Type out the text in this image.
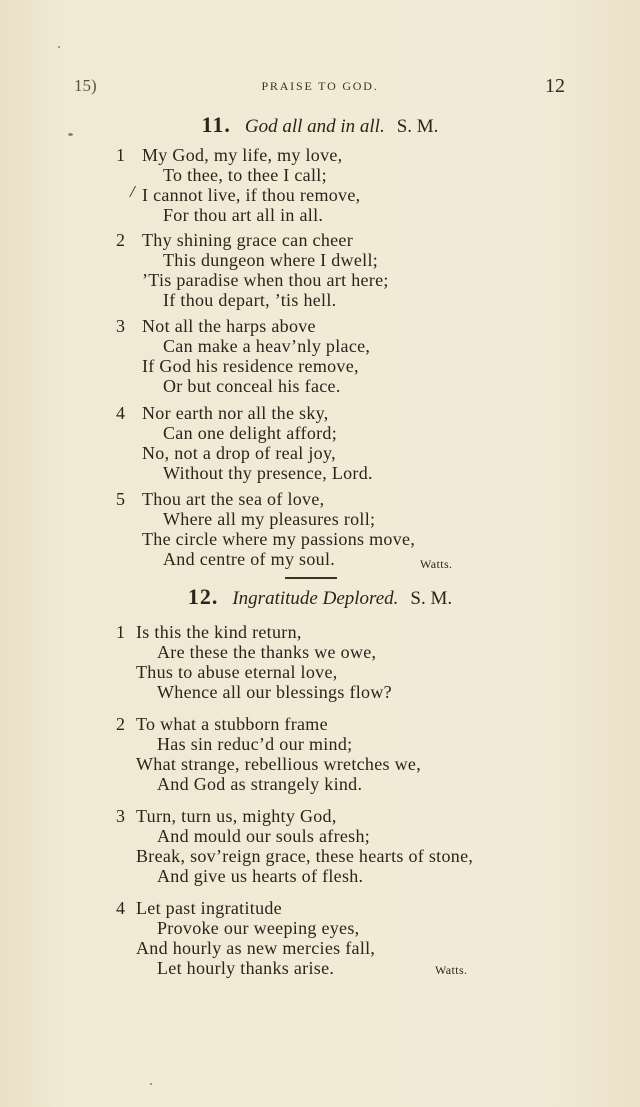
15)	PRAISE TO GOD.	12
11. God all and in all. S. M.
/
1 My God, my life, my love,
To thee, to thee I call;
I cannot live, if thou remove,
For thou art all in all.
2 Thy shining grace can cheer
This dungeon where I dwell;
’Tis paradise when thou art here;
If thou depart, ’tis hell.
3 Not all the harps above
Can make a heav’nly place,
If God his residence remove,
Or but conceal his face.
4 Nor earth nor all the sky,
Can one delight afford;
No, not a drop of real joy,
Without thy presence, Lord.
5 Thou art the sea of love,
Where all my pleasures roll;
The circle where my passions move,
And centre of my soul.	Watts.
12. Ingratitude Deplored. S. M.
1 Is this the kind return,
Are these the thanks we owe,
Thus to abuse eternal love,
Whence all our blessings flow?
2 To what a stubborn frame
Has sin reduc’d our mind;
What strange, rebellious wretches we,
And God as strangely kind.
3 Turn, turn us, mighty God,
And mould our souls afresh;
Break, sov’reign grace, these hearts of stone,
And give us hearts of flesh.
4 Let past ingratitude
Provoke our weeping eyes,
And hourly as new mercies fall,
Let hourly thanks arise.	Watts.
